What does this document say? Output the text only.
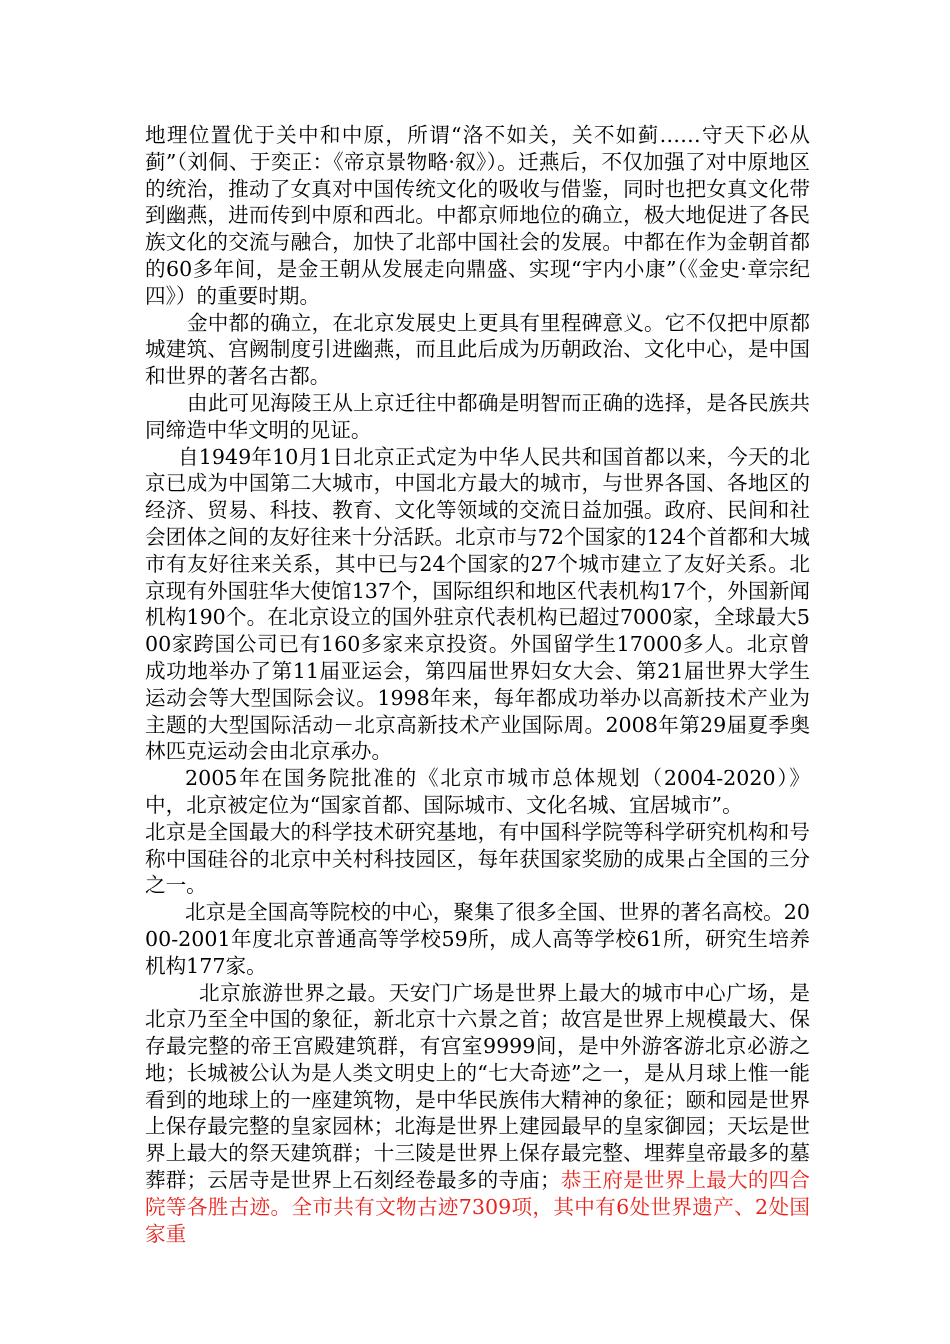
地理位置优于关中和中原，所谓“洛不如关，关不如蓟……守天下必从蓟”（刘侗、于奕正：《帝京景物略·叙》）。迁燕后，不仅加强了对中原地区的统治，推动了女真对中国传统文化的吸收与借鉴，同时也把女真文化带到幽燕，进而传到中原和西北。中都京师地位的确立，极大地促进了各民族文化的交流与融合，加快了北部中国社会的发展。中都在作为金朝首都的60多年间，是金王朝从发展走向鼎盛、实现“宇内小康”（《金史·章宗纪四》）的重要时期。

金中都的确立，在北京发展史上更具有里程碑意义。它不仅把中原都城建筑、宫阙制度引进幽燕，而且此后成为历朝政治、文化中心，是中国和世界的著名古都。

由此可见海陵王从上京迁往中都确是明智而正确的选择，是各民族共同缔造中华文明的见证。

自1949年10月1日北京正式定为中华人民共和国首都以来，今天的北京已成为中国第二大城市，中国北方最大的城市，与世界各国、各地区的经济、贸易、科技、教育、文化等领域的交流日益加强。政府、民间和社会团体之间的友好往来十分活跃。北京市与72个国家的124个首都和大城市有友好往来关系，其中已与24个国家的27个城市建立了友好关系。北京现有外国驻华大使馆137个，国际组织和地区代表机构17个，外国新闻机构190个。在北京设立的国外驻京代表机构已超过7000家，全球最大500家跨国公司已有160多家来京投资。外国留学生17000多人。北京曾成功地举办了第11届亚运会，第四届世界妇女大会、第21届世界大学生运动会等大型国际会议。1998年来，每年都成功举办以高新技术产业为主题的大型国际活动－北京高新技术产业国际周。2008年第29届夏季奥林匹克运动会由北京承办。

2005年在国务院批准的《北京市城市总体规划（2004-2020）》中，北京被定位为“国家首都、国际城市、文化名城、宜居城市”。

北京是全国最大的科学技术研究基地，有中国科学院等科学研究机构和号称中国硅谷的北京中关村科技园区，每年获国家奖励的成果占全国的三分之一。

北京是全国高等院校的中心，聚集了很多全国、世界的著名高校。2000-2001年度北京普通高等学校59所，成人高等学校61所，研究生培养机构177家。

北京旅游世界之最。天安门广场是世界上最大的城市中心广场，是北京乃至全中国的象征，新北京十六景之首；故宫是世界上规模最大、保存最完整的帝王宫殿建筑群，有宫室9999间，是中外游客游北京必游之地；长城被公认为是人类文明史上的“七大奇迹”之一，是从月球上惟一能看到的地球上的一座建筑物，是中华民族伟大精神的象征；颐和园是世界上保存最完整的皇家园林；北海是世界上建园最早的皇家御园；天坛是世界上最大的祭天建筑群；十三陵是世界上保存最完整、埋葬皇帝最多的墓葬群；云居寺是世界上石刻经卷最多的寺庙；恭王府是世界上最大的四合院等各胜古迹。全市共有文物古迹7309项，其中有6处世界遗产、2处国家重
